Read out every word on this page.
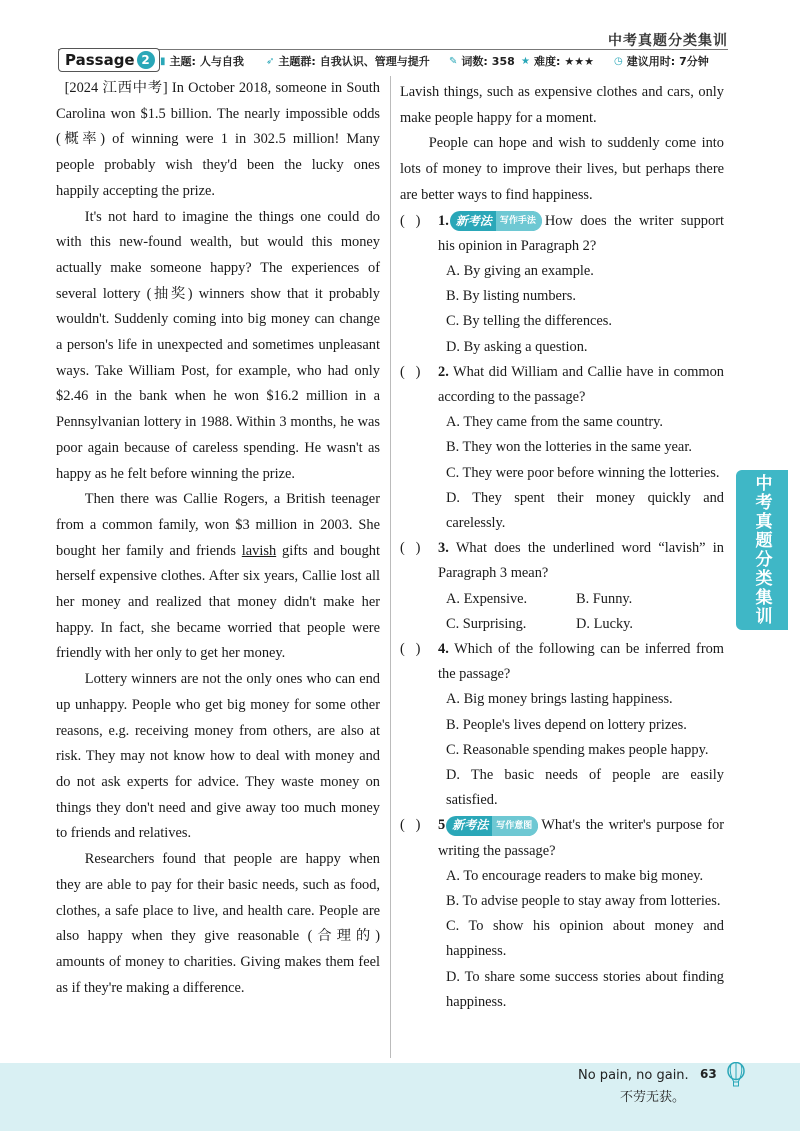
中考真题分类集训
Passage 2	▮ 主题: 人与自我 ➶ 主题群: 自我认识、管理与提升 ✎ 词数: 358 ★ 难度: ★★★ ◷ 建议用时: 7分钟

[2024 江西中考] In October 2018, someone in South Carolina won $1.5 billion. The nearly impossible odds (概率) of winning were 1 in 302.5 million! Many people probably wish they'd been the lucky ones happily accepting the prize.

It's not hard to imagine the things one could do with this new-found wealth, but would this money actually make someone happy? The experiences of several lottery (抽奖) winners show that it probably wouldn't. Suddenly coming into big money can change a person's life in unexpected and sometimes unpleasant ways. Take William Post, for example, who had only $2.46 in the bank when he won $16.2 million in a Pennsylvanian lottery in 1988. Within 3 months, he was poor again because of careless spending. He wasn't as happy as he felt before winning the prize.

Then there was Callie Rogers, a British teenager from a common family, won $3 million in 2003. She bought her family and friends lavish gifts and bought herself expensive clothes. After six years, Callie lost all her money and realized that money didn't make her happy. In fact, she became worried that people were friendly with her only to get her money.

Lottery winners are not the only ones who can end up unhappy. People who get big money for some other reasons, e.g. receiving money from others, are also at risk. They may not know how to deal with money and do not ask experts for advice. They waste money on things they don't need and give away too much money to friends and relatives.

Researchers found that people are happy when they are able to pay for their basic needs, such as food, clothes, a safe place to live, and health care. People are also happy when they give reasonable (合理的) amounts of money to charities. Giving makes them feel as if they're making a difference.

Lavish things, such as expensive clothes and cars, only make people happy for a moment.

People can hope and wish to suddenly come into lots of money to improve their lives, but perhaps there are better ways to find happiness.

(   )	1. 新考法 写作手法 How does the writer support his opinion in Paragraph 2?
A. By giving an example.
B. By listing numbers.
C. By telling the differences.
D. By asking a question.
(   )	2. What did William and Callie have in common according to the passage?
A. They came from the same country.
B. They won the lotteries in the same year.
C. They were poor before winning the lotteries.
D. They spent their money quickly and carelessly.
(   )	3. What does the underlined word “lavish” in Paragraph 3 mean?
A. Expensive.	B. Funny.
C. Surprising.	D. Lucky.
(   )	4. Which of the following can be inferred from the passage?
A. Big money brings lasting happiness.
B. People's lives depend on lottery prizes.
C. Reasonable spending makes people happy.
D. The basic needs of people are easily satisfied.
(   )	5 新考法 写作意图 What's the writer's purpose for writing the passage?
A. To encourage readers to make big money.
B. To advise people to stay away from lotteries.
C. To show his opinion about money and happiness.
D. To share some success stories about finding happiness.
中考真题分类集训
No pain, no gain.
不劳无获。
63
